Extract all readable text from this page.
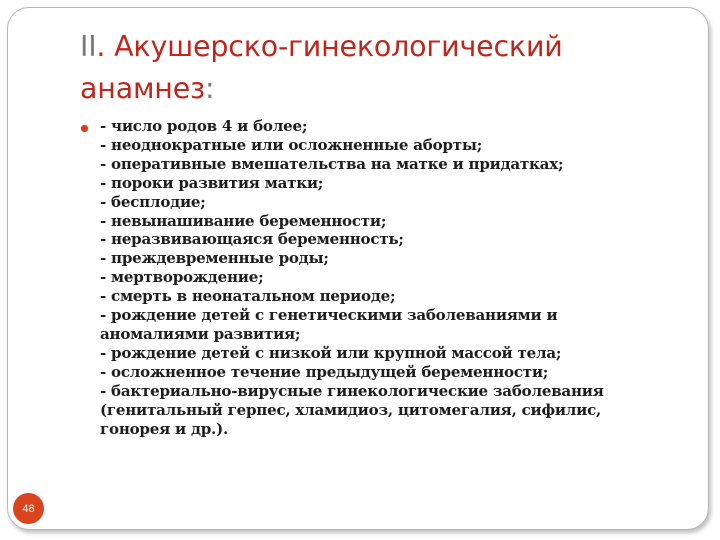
II. Акушерско-гинекологический
анамнез:
- число родов 4 и более;
- неоднократные или осложненные аборты;
- оперативные вмешательства на матке и придатках;
- пороки развития матки;
- бесплодие;
- невынашивание беременности;
- неразвивающаяся беременность;
- преждевременные роды;
- мертворождение;
- смерть в неонатальном периоде;
- рождение детей с генетическими заболеваниями и
аномалиями развития;
- рождение детей с низкой или крупной массой тела;
- осложненное течение предыдущей беременности;
- бактериально-вирусные гинекологические заболевания
(генитальный герпес, хламидиоз, цитомегалия, сифилис,
гонорея и др.).
48
